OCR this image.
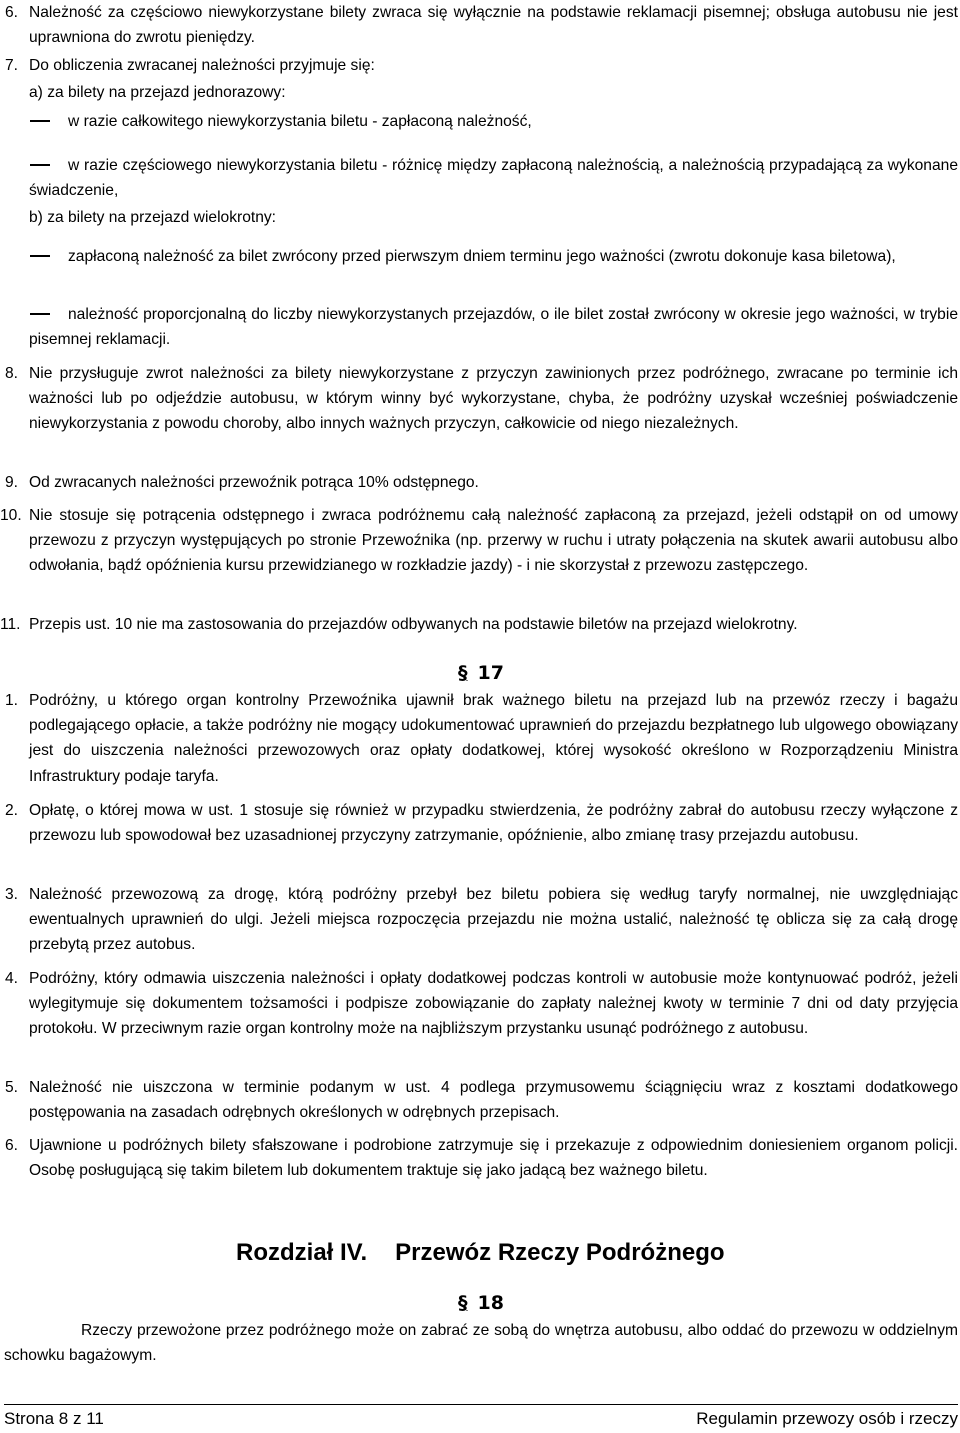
6. Należność za częściowo niewykorzystane bilety zwraca się wyłącznie na podstawie reklamacji pisemnej; obsługa autobusu nie jest uprawniona do zwrotu pieniędzy.
7. Do obliczenia zwracanej należności przyjmuje się:
a) za bilety na przejazd jednorazowy:
w razie całkowitego niewykorzystania biletu - zapłaconą należność,
w razie częściowego niewykorzystania biletu - różnicę między zapłaconą należnością, a należnością przypadającą za wykonane świadczenie,
b) za bilety na przejazd wielokrotny:
zapłaconą należność za bilet zwrócony przed pierwszym dniem terminu jego ważności (zwrotu dokonuje kasa biletowa),
należność proporcjonalną do liczby niewykorzystanych przejazdów, o ile bilet został zwrócony w okresie jego ważności, w trybie pisemnej reklamacji.
8. Nie przysługuje zwrot należności za bilety niewykorzystane z przyczyn zawinionych przez podróżnego, zwracane po terminie ich ważności lub po odjeździe autobusu, w którym winny być wykorzystane, chyba, że podróżny uzyskał wcześniej poświadczenie niewykorzystania z powodu choroby, albo innych ważnych przyczyn, całkowicie od niego niezależnych.
9. Od zwracanych należności przewoźnik potrąca 10% odstępnego.
10. Nie stosuje się potrącenia odstępnego i zwraca podróżnemu całą należność zapłaconą za przejazd, jeżeli odstąpił on od umowy przewozu z przyczyn występujących po stronie Przewoźnika (np. przerwy w ruchu i utraty połączenia na skutek awarii autobusu albo odwołania, bądź opóźnienia kursu przewidzianego w rozkładzie jazdy) - i nie skorzystał z przewozu zastępczego.
11. Przepis ust. 10 nie ma zastosowania do przejazdów odbywanych na podstawie biletów na przejazd wielokrotny.
§ 17
1. Podróżny, u którego organ kontrolny Przewoźnika ujawnił brak ważnego biletu na przejazd lub na przewóz rzeczy i bagażu podlegającego opłacie, a także podróżny nie mogący udokumentować uprawnień do przejazdu bezpłatnego lub ulgowego obowiązany jest do uiszczenia należności przewozowych oraz opłaty dodatkowej, której wysokość określono w Rozporządzeniu Ministra Infrastruktury podaje taryfa.
2. Opłatę, o której mowa w ust. 1 stosuje się również w przypadku stwierdzenia, że podróżny zabrał do autobusu rzeczy wyłączone z przewozu lub spowodował bez uzasadnionej przyczyny zatrzymanie, opóźnienie, albo zmianę trasy przejazdu autobusu.
3. Należność przewozową za drogę, którą podróżny przebył bez biletu pobiera się według taryfy normalnej, nie uwzględniając ewentualnych uprawnień do ulgi. Jeżeli miejsca rozpoczęcia przejazdu nie można ustalić, należność tę oblicza się za całą drogę przebytą przez autobus.
4. Podróżny, który odmawia uiszczenia należności i opłaty dodatkowej podczas kontroli w autobusie może kontynuować podróż, jeżeli wylegitymuje się dokumentem tożsamości i podpisze zobowiązanie do zapłaty należnej kwoty w terminie 7 dni od daty przyjęcia protokołu. W przeciwnym razie organ kontrolny może na najbliższym przystanku usunąć podróżnego z autobusu.
5. Należność nie uiszczona w terminie podanym w ust. 4 podlega przymusowemu ściągnięciu wraz z kosztami dodatkowego postępowania na zasadach odrębnych określonych w odrębnych przepisach.
6. Ujawnione u podróżnych bilety sfałszowane i podrobione zatrzymuje się i przekazuje z odpowiednim doniesieniem organom policji. Osobę posługującą się takim biletem lub dokumentem traktuje się jako jadącą bez ważnego biletu.
Rozdział IV. Przewóz Rzeczy Podróżnego
§ 18
Rzeczy przewożone przez podróżnego może on zabrać ze sobą do wnętrza autobusu, albo oddać do przewozu w oddzielnym schowku bagażowym.
Strona 8 z 11	Regulamin przewozy osób i rzeczy
